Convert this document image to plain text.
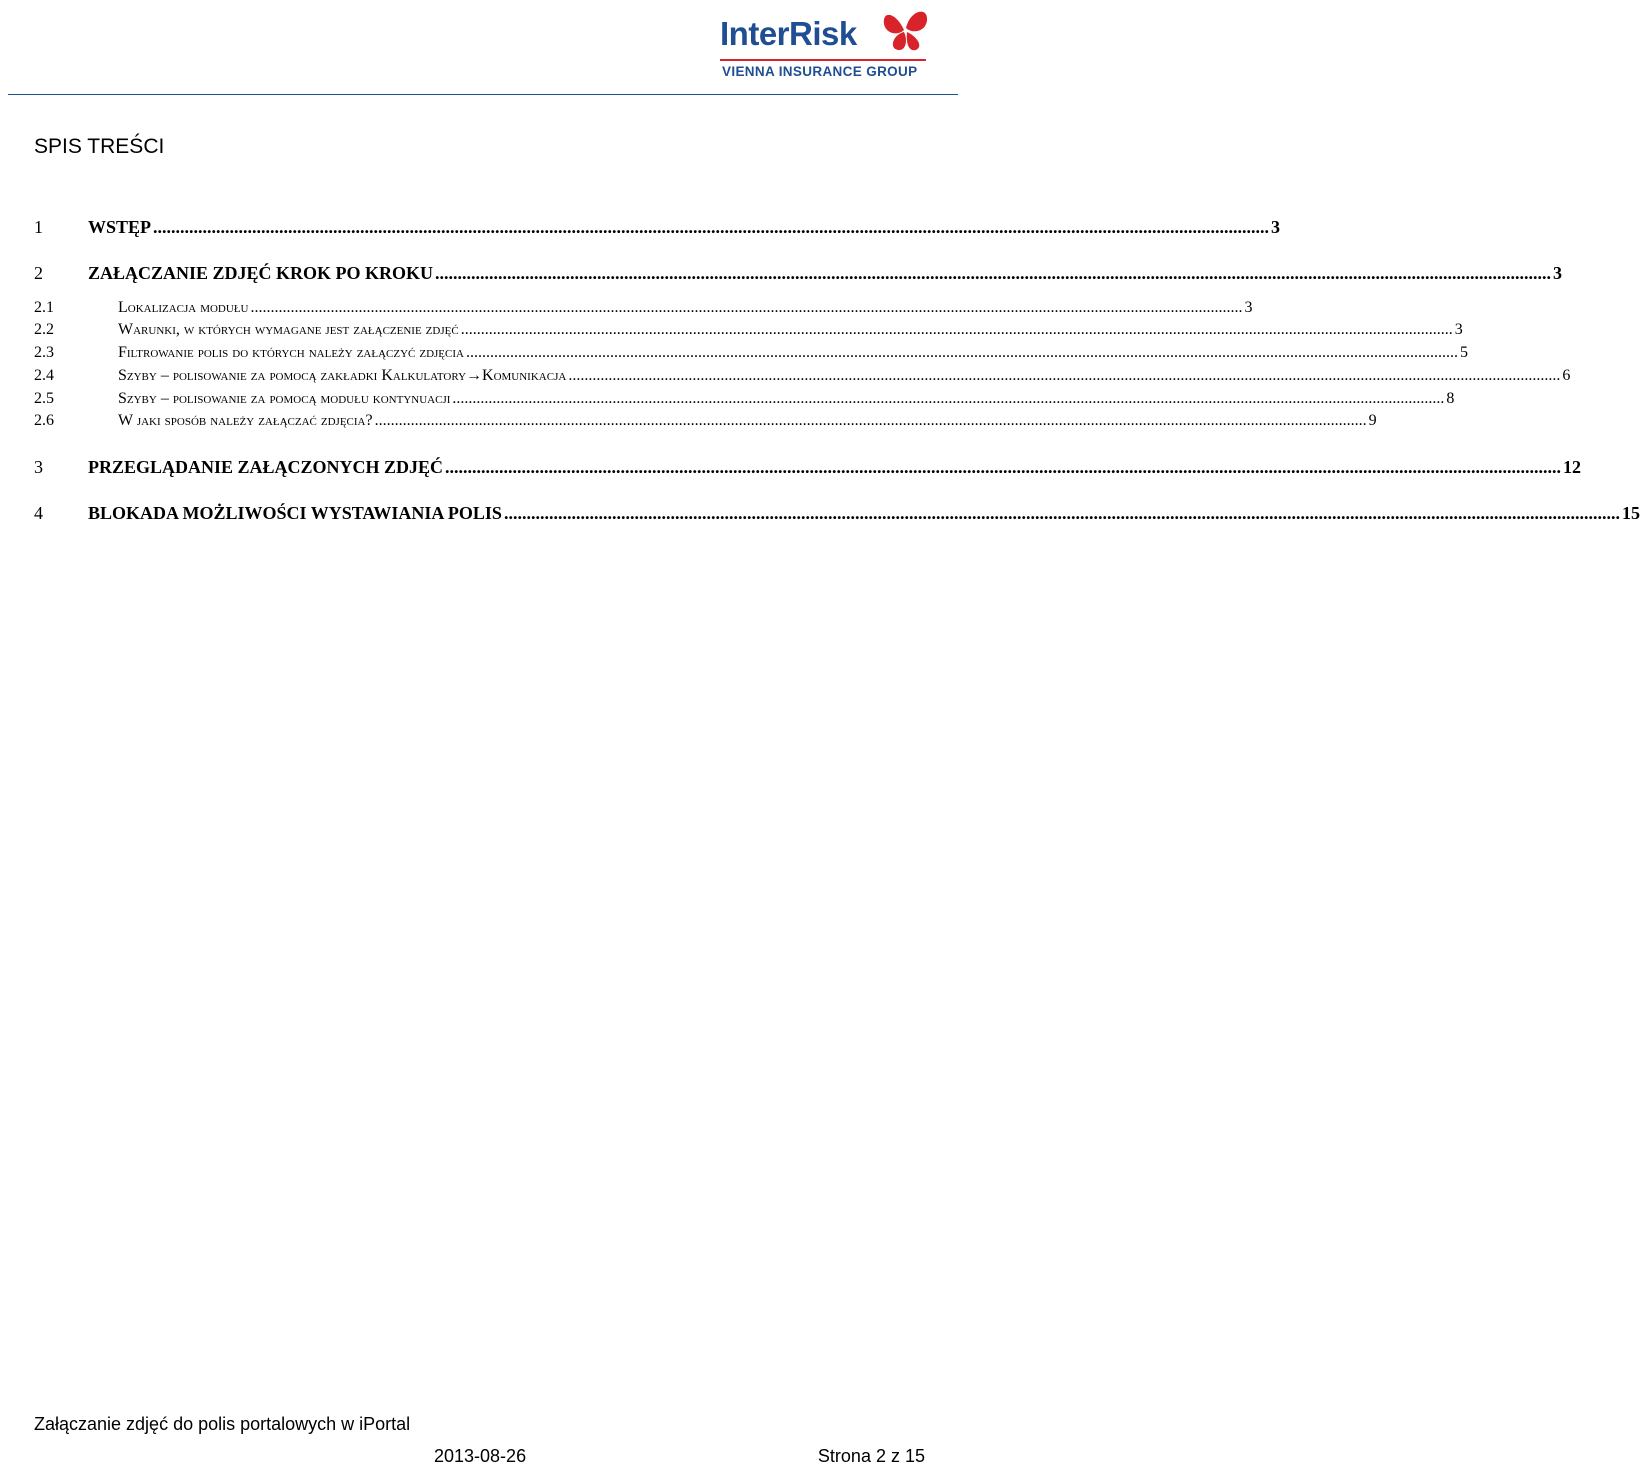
InterRisk
VIENNA INSURANCE GROUP
SPIS TREŚCI
1	WSTĘP ........................................................................................................................................................................................................................................................ 3
2	ZAŁĄCZANIE ZDJĘĆ KROK PO KROKU ........................................................................................................................................................................................................................................................ 3
2.1	Lokalizacja modułu ........................................................................................................................................................................................................................................................ 3
2.2	Warunki, w których wymagane jest załączenie zdjęć ........................................................................................................................................................................................................................................................ 3
2.3	Filtrowanie polis do których należy załączyć zdjęcia ........................................................................................................................................................................................................................................................ 5
2.4	Szyby – polisowanie za pomocą zakładki Kalkulatory→Komunikacja ........................................................................................................................................................................................................................................................ 6
2.5	Szyby – polisowanie za pomocą modułu kontynuacji ........................................................................................................................................................................................................................................................ 8
2.6	W jaki sposób należy załączać zdjęcia? ........................................................................................................................................................................................................................................................ 9
3	PRZEGLĄDANIE ZAŁĄCZONYCH ZDJĘĆ ........................................................................................................................................................................................................................................................ 12
4	BLOKADA MOŻLIWOŚCI WYSTAWIANIA POLIS ........................................................................................................................................................................................................................................................ 15
Załączanie zdjęć do polis portalowych w iPortal
2013-08-26	Strona 2 z 15
